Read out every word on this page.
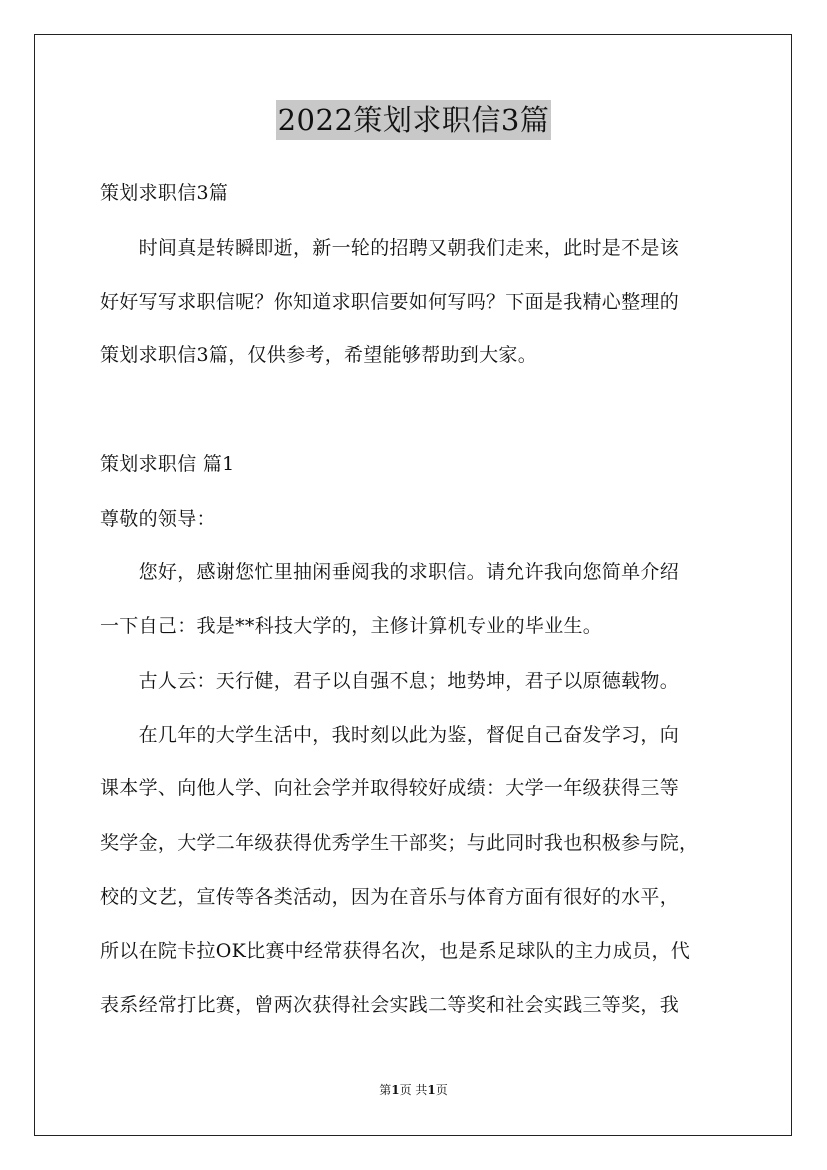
2022策划求职信3篇
策划求职信3篇
　　时间真是转瞬即逝，新一轮的招聘又朝我们走来，此时是不是该
好好写写求职信呢？你知道求职信要如何写吗？下面是我精心整理的
策划求职信3篇，仅供参考，希望能够帮助到大家。
策划求职信 篇1
尊敬的领导：
　　您好，感谢您忙里抽闲垂阅我的求职信。请允许我向您简单介绍
一下自己：我是**科技大学的，主修计算机专业的毕业生。
　　古人云：天行健，君子以自强不息；地势坤，君子以原德载物。
　　在几年的大学生活中，我时刻以此为鉴，督促自己奋发学习，向
课本学、向他人学、向社会学并取得较好成绩：大学一年级获得三等
奖学金，大学二年级获得优秀学生干部奖；与此同时我也积极参与院，
校的文艺，宣传等各类活动，因为在音乐与体育方面有很好的水平，
所以在院卡拉OK比赛中经常获得名次，也是系足球队的主力成员，代
表系经常打比赛，曾两次获得社会实践二等奖和社会实践三等奖，我
第1页 共1页
